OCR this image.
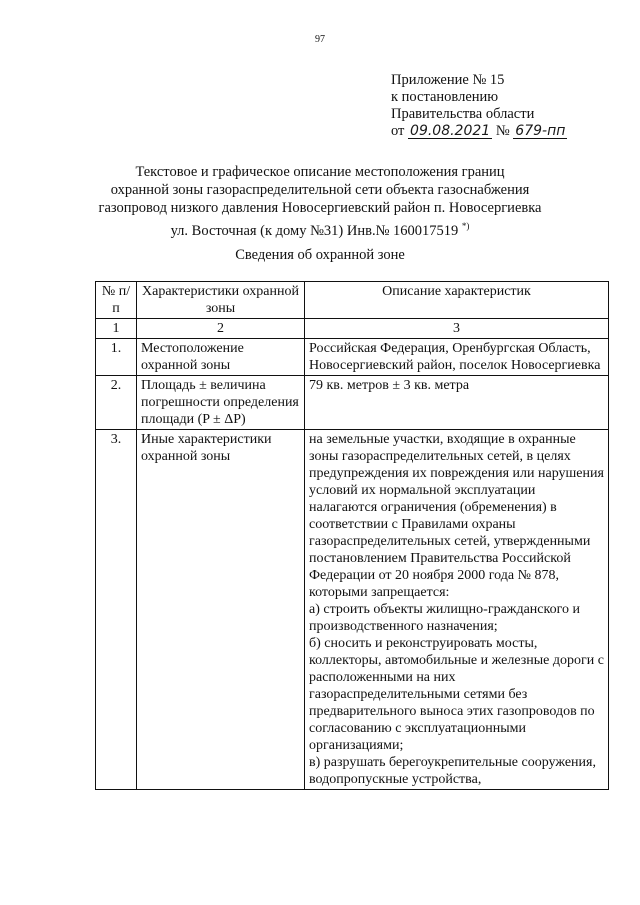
97
Приложение № 15
к постановлению
Правительства области
от 09.08.2021 № 679-пп
Текстовое и графическое описание местоположения границ
охранной зоны газораспределительной сети объекта газоснабжения
газопровод низкого давления Новосергиевский район п. Новосергиевка
ул. Восточная (к дому №31) Инв.№ 160017519 *)
Сведения об охранной зоне
№ п/п	Характеристики охранной зоны	Описание характеристик
1	2	3
1.	Местоположение охранной зоны	Российская Федерация, Оренбургская Область, Новосергиевский район, поселок Новосергиевка
2.	Площадь ± величина погрешности определения площади (P ± ΔP)	79 кв. метров ± 3 кв. метра
3.	Иные характеристики охранной зоны	на земельные участки, входящие в охранные зоны газораспределительных сетей, в целях предупреждения их повреждения или нарушения условий их нормальной эксплуатации налагаются ограничения (обременения) в соответствии с Правилами охраны газораспределительных сетей, утвержденными постановлением Правительства Российской Федерации от 20 ноября 2000 года № 878, которыми запрещается:
а) строить объекты жилищно-гражданского и производственного назначения;
б) сносить и реконструировать мосты, коллекторы, автомобильные и железные дороги с расположенными на них газораспределительными сетями без предварительного выноса этих газопроводов по согласованию с эксплуатационными организациями;
в) разрушать берегоукрепительные сооружения, водопропускные устройства,
